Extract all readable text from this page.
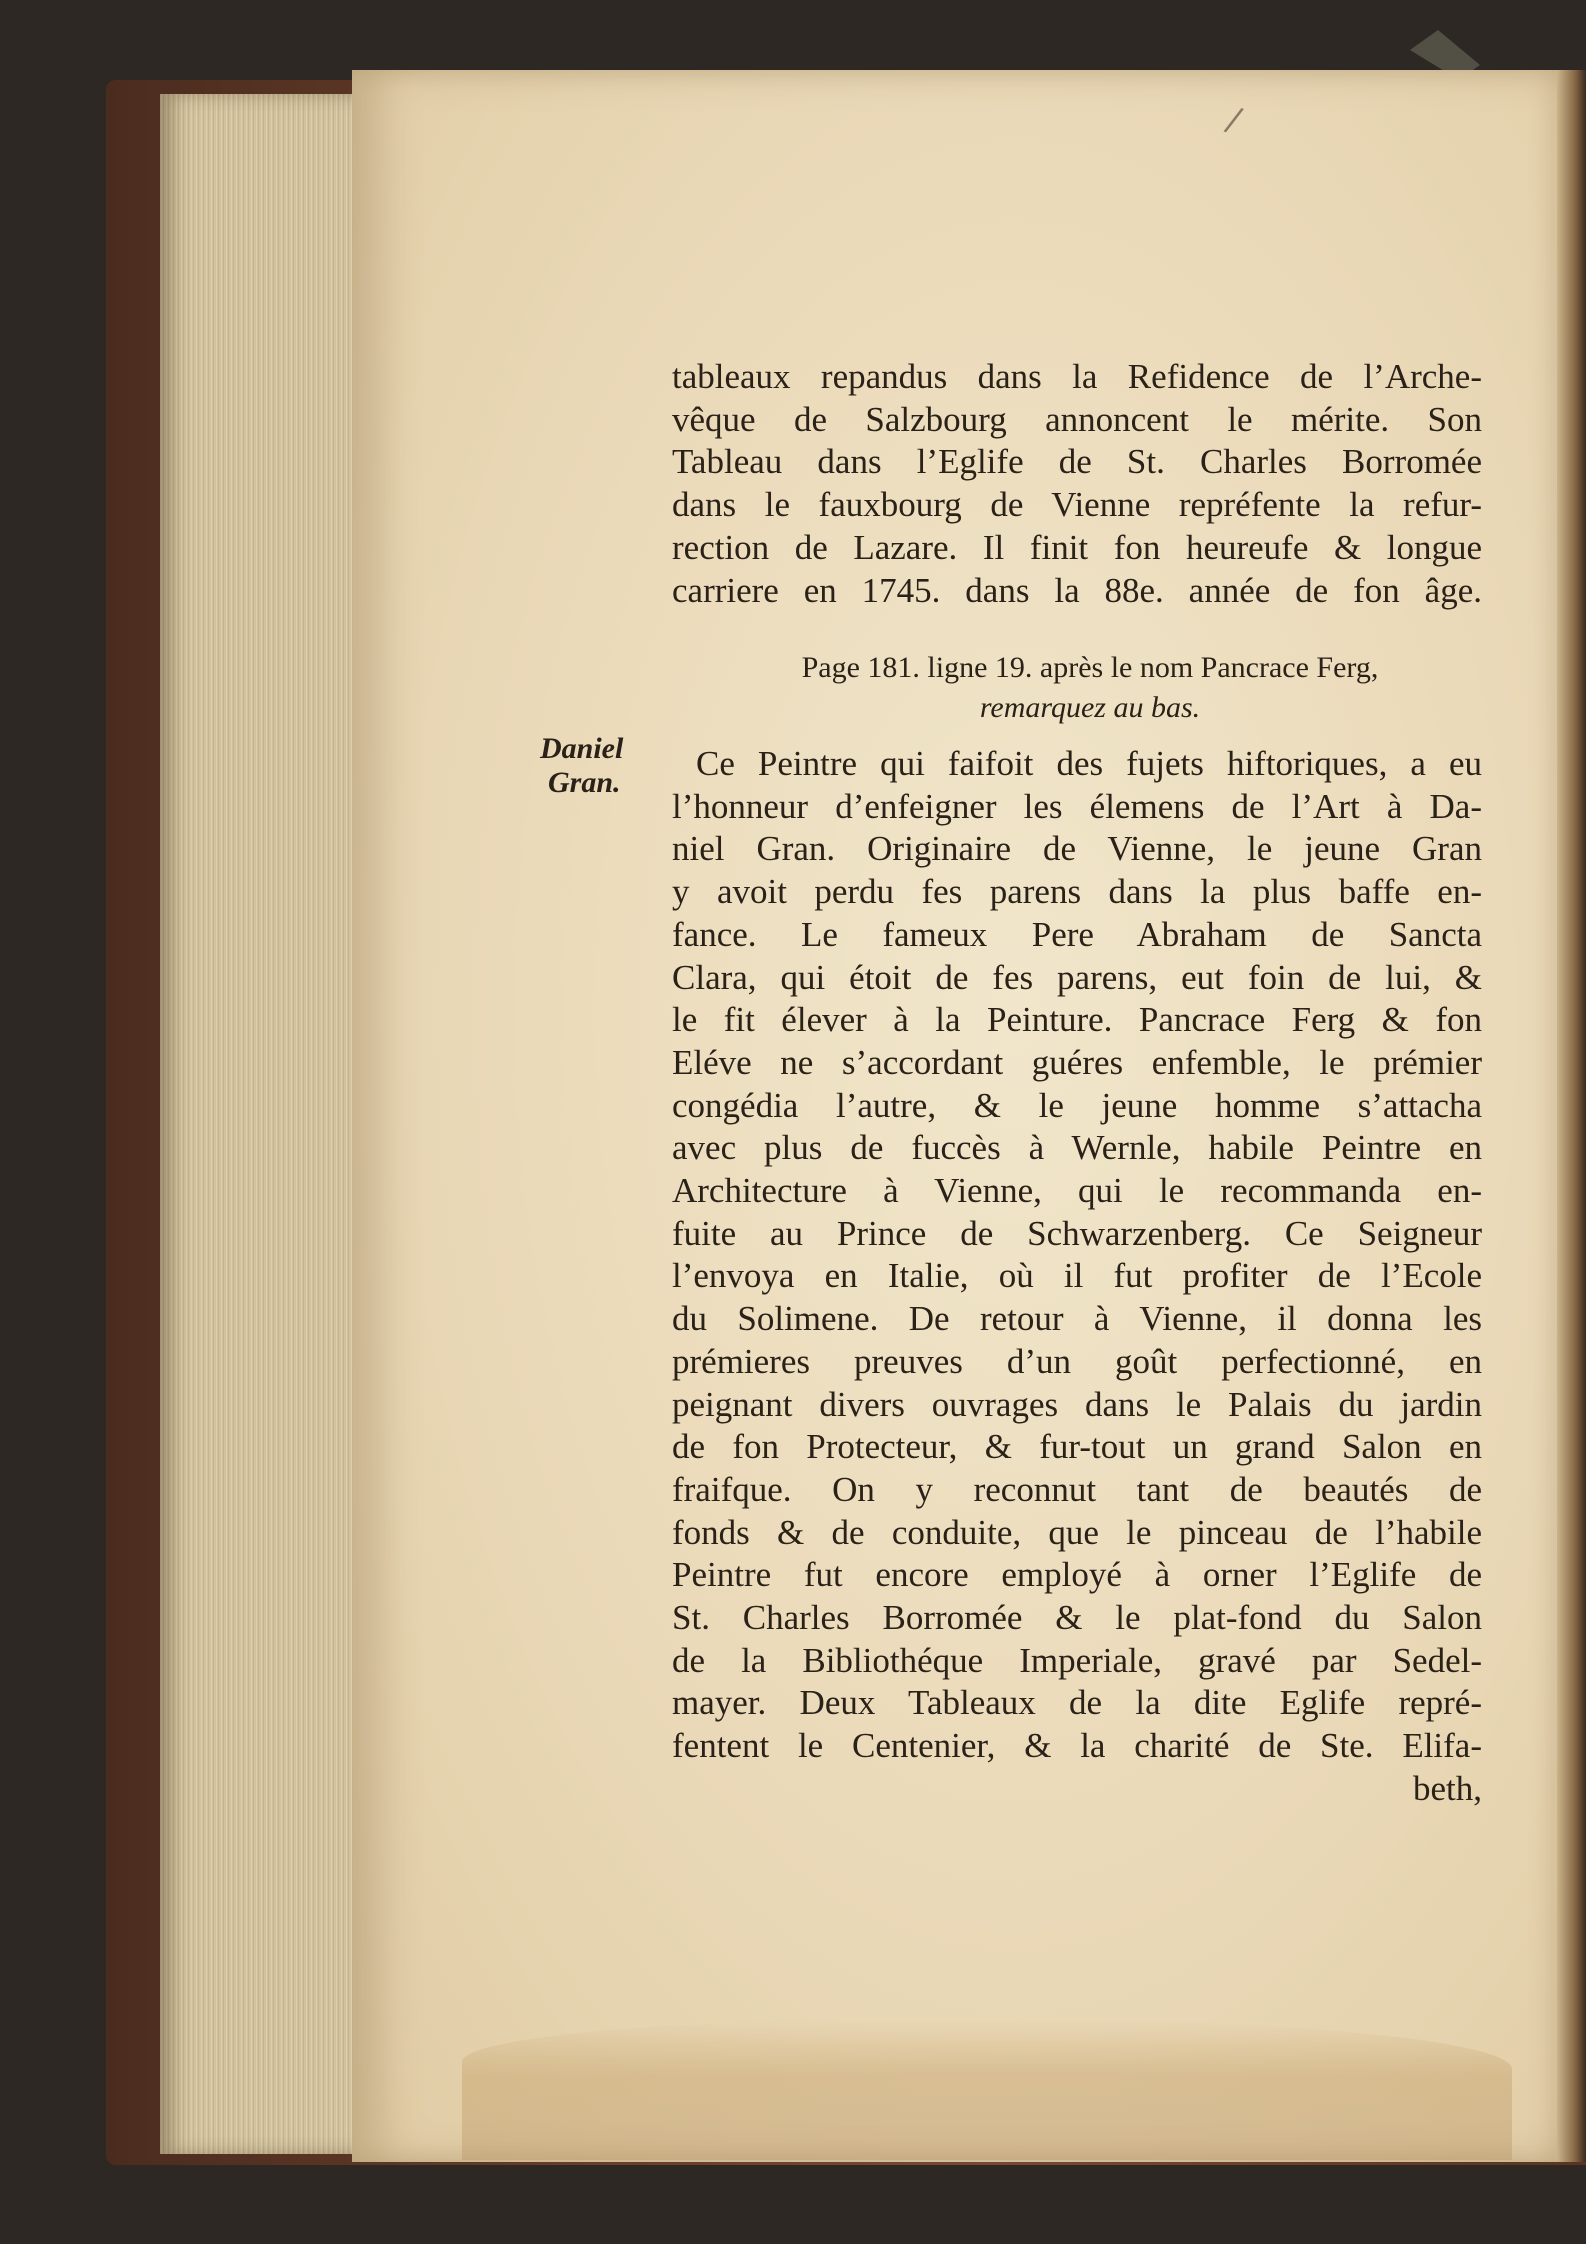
/
tableaux repandus dans la Refidence de l’Arche-
vêque de Salzbourg annoncent le mérite. Son
Tableau dans l’Eglife de St. Charles Borromée
dans le fauxbourg de Vienne repréfente la refur-
rection de Lazare. Il finit fon heureufe & longue
carriere en 1745. dans la 88e. année de fon âge.
Page 181. ligne 19. après le nom Pancrace Ferg,
remarquez au bas.
Daniel
Gran.	Ce Peintre qui faifoit des fujets hiftoriques, a eu
l’honneur d’enfeigner les élemens de l’Art à Da-
niel Gran. Originaire de Vienne, le jeune Gran
y avoit perdu fes parens dans la plus baffe en-
fance. Le fameux Pere Abraham de Sancta
Clara, qui étoit de fes parens, eut foin de lui, &
le fit élever à la Peinture. Pancrace Ferg & fon
Eléve ne s’accordant guéres enfemble, le prémier
congédia l’autre, & le jeune homme s’attacha
avec plus de fuccès à Wernle, habile Peintre en
Architecture à Vienne, qui le recommanda en-
fuite au Prince de Schwarzenberg. Ce Seigneur
l’envoya en Italie, où il fut profiter de l’Ecole
du Solimene. De retour à Vienne, il donna les
prémieres preuves d’un goût perfectionné, en
peignant divers ouvrages dans le Palais du jardin
de fon Protecteur, & fur-tout un grand Salon en
fraifque. On y reconnut tant de beautés de
fonds & de conduite, que le pinceau de l’habile
Peintre fut encore employé à orner l’Eglife de
St. Charles Borromée & le plat-fond du Salon
de la Bibliothéque Imperiale, gravé par Sedel-
mayer. Deux Tableaux de la dite Eglife repré-
fentent le Centenier, & la charité de Ste. Elifa-
beth,
